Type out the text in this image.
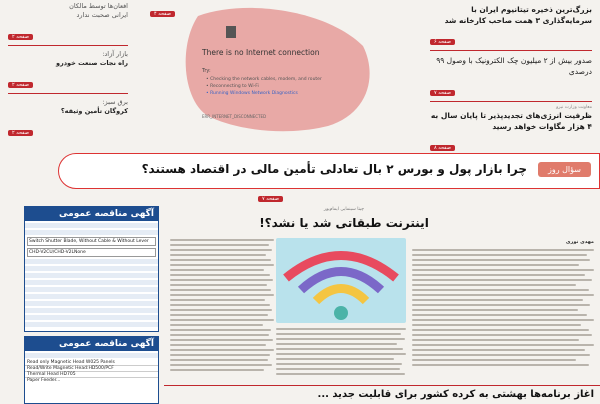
افعان‌ها توسط مالکان
ایرانی صحبت ندارد
صفحه ۲
بازار آزاد:
راه نجات صنعت خودرو
صفحه ۲
برق سبز:
کروگان تأمین وثیقه؟
صفحه ۲
صفحه ۴
There is no Internet connection
Try:
• Checking the network cables, modem, and router
• Reconnecting to Wi-Fi
• Running Windows Network Diagnostics
ERR_INTERNET_DISCONNECTED
بزرگ‌ترین ذخیره تیتانیوم ایران با سرمایه‌گذاری ۳ همت صاحب کارخانه شد
صفحه ۶
صدور بیش از ۲ میلیون چک الکترونیک با وصول ۹۹ درصدی
صفحه ۷
معاونت وزارت نیرو
ظرفیت انرژی‌های تجدیدپذیر تا پایان سال به ۴ هزار مگاوات خواهد رسید
صفحه ۸
سؤال روز
چرا بازار پول و بورس ۲ بال تعادلی تأمین مالی در اقتصاد هستند؟
صفحه ۷
آگهی مناقصه عمومی
Switch Shutter Blade, Without Cable & Without Lever
CHD-V2CU/CHD-V2LNone
آگهی مناقصه عمومی
Read only Magnetic Head W025 Panels
Read/Write Magnetic Head:HD500/PCF
Thermal Head HD705
Paper Feeder...
چیتا سینمایی ایمام‌پور
اینترنت طبقاتی شد یا نشد؟!
مهدی نوری
آغاز برنامه‌ها بهشتی به کرده کشور برای قابلیت جدید ...
